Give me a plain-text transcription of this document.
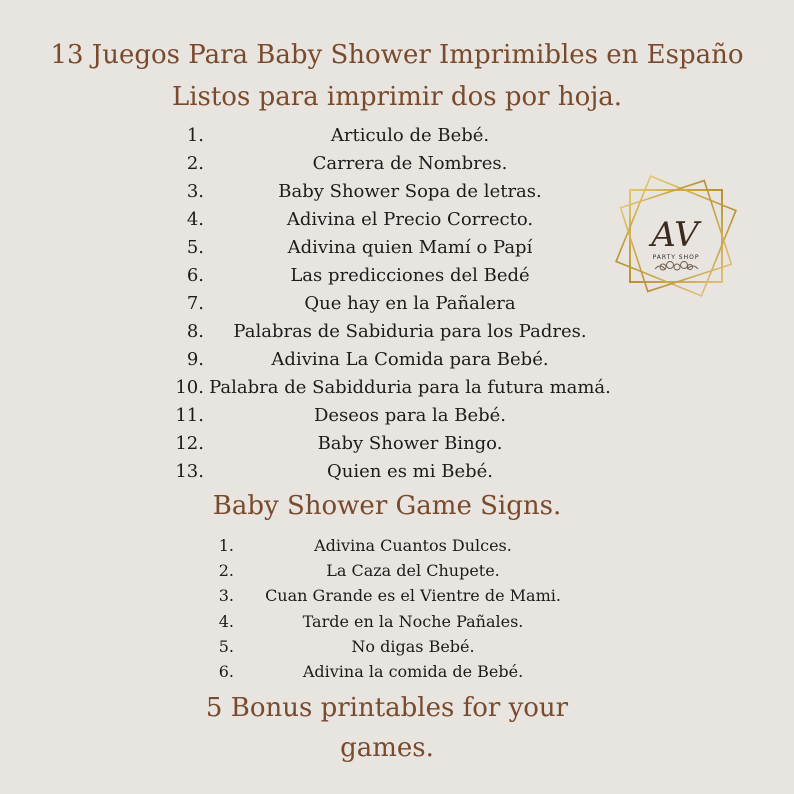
13 Juegos Para Baby Shower Imprimibles en Españo
Listos para imprimir dos por hoja.
1.	Articulo de Bebé.
2.	Carrera de Nombres.
3.	Baby Shower Sopa de letras.
4.	Adivina el Precio Correcto.
5.	Adivina quien Mamí o Papí
6.	Las predicciones del Bedé
7.	Que hay en la Pañalera
8.	Palabras de Sabiduria para los Padres.
9.	Adivina La Comida para Bebé.
10. Palabra de Sabidduria para la futura mamá.
11.	Deseos para la Bebé.
12.	Baby Shower Bingo.
13.	Quien es mi Bebé.
Baby Shower Game Signs.
1.	Adivina Cuantos Dulces.
2.	La Caza del Chupete.
3.	Cuan Grande es el Vientre de Mami.
4.	Tarde en la Noche Pañales.
5.	No digas Bebé.
6.	Adivina la comida de Bebé.
5 Bonus printables for your
games.
AV
PARTY SHOP
